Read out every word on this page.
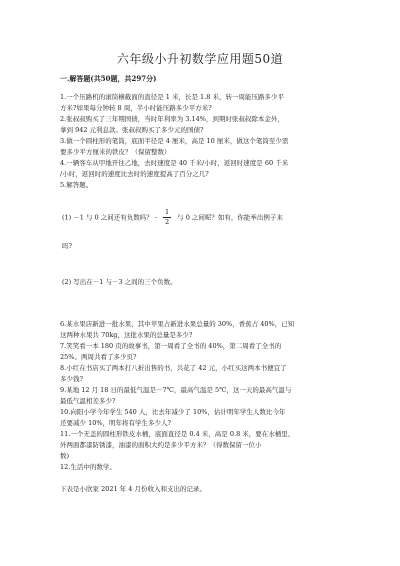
六年级小升初数学应用题50道
一.解答题(共50题，共297分)

1.一个压路机的滚筒横截面的直径是 1 米，长是 1.8 米，转一周能压路多少平

方米?如果每分钟转 8 周，半小时能压路多少平方米?

2.张叔叔购买了三年期国债，当时年利率为 3.14%，到期时张叔叔除本金外，

拿到 942 元利息款。张叔叔购买了多少元的国债?

3.做一个圆柱形的笔筒，底面半径是 4 厘米，高是 10 厘米，做这个笔筒至少需

要多少平方厘米的铁皮？（保留整数）

4.一辆客车从甲地开往乙地，去时速度是 40 千米/小时，返回时速度是 60 千米

/小时，返回时的速度比去时的速度提高了百分之几?

5.解答题。

(1) －1 与 0 之间还有负数吗？ - $\frac{1}{2}$ 与 0 之间呢？如有，你能举出例子来

吗?

(2) 写出在－1 与－3 之间的三个负数。

6.某水果店新进一批水果，其中苹果占新进水果总量的 30%，香蕉占 40%，已知

这两种水果共 70kg，这批水果的总量是多少?

7.笑笑看一本 180 页的故事书，第一周看了全书的 40%，第二周看了全书的

25%。两周共看了多少页?

8.小红在书店买了两本打八折出售的书，共花了 42 元，小红买这两本书便宜了

多少钱?

9.某地 12 月 18 日的最低气温是－7℃，最高气温是 5℃，这一天的最高气温与

最低气温相差多少?

10.向阳小学今年学生 540 人，比去年减少了 10%，估计明年学生人数比今年

还要减少 10%，明年将有学生多少人?

11.一个无盖的圆柱形铁皮水桶，底面直径是 0.4 米，高是 0.8 米，要在水桶里、

外两面都漆防锈漆，油漆的面积大约是多少平方米？（得数保留一位小

数)

12.生活中的数学。

下表是小欣家 2021 年 4 月份收入和支出的记录。
